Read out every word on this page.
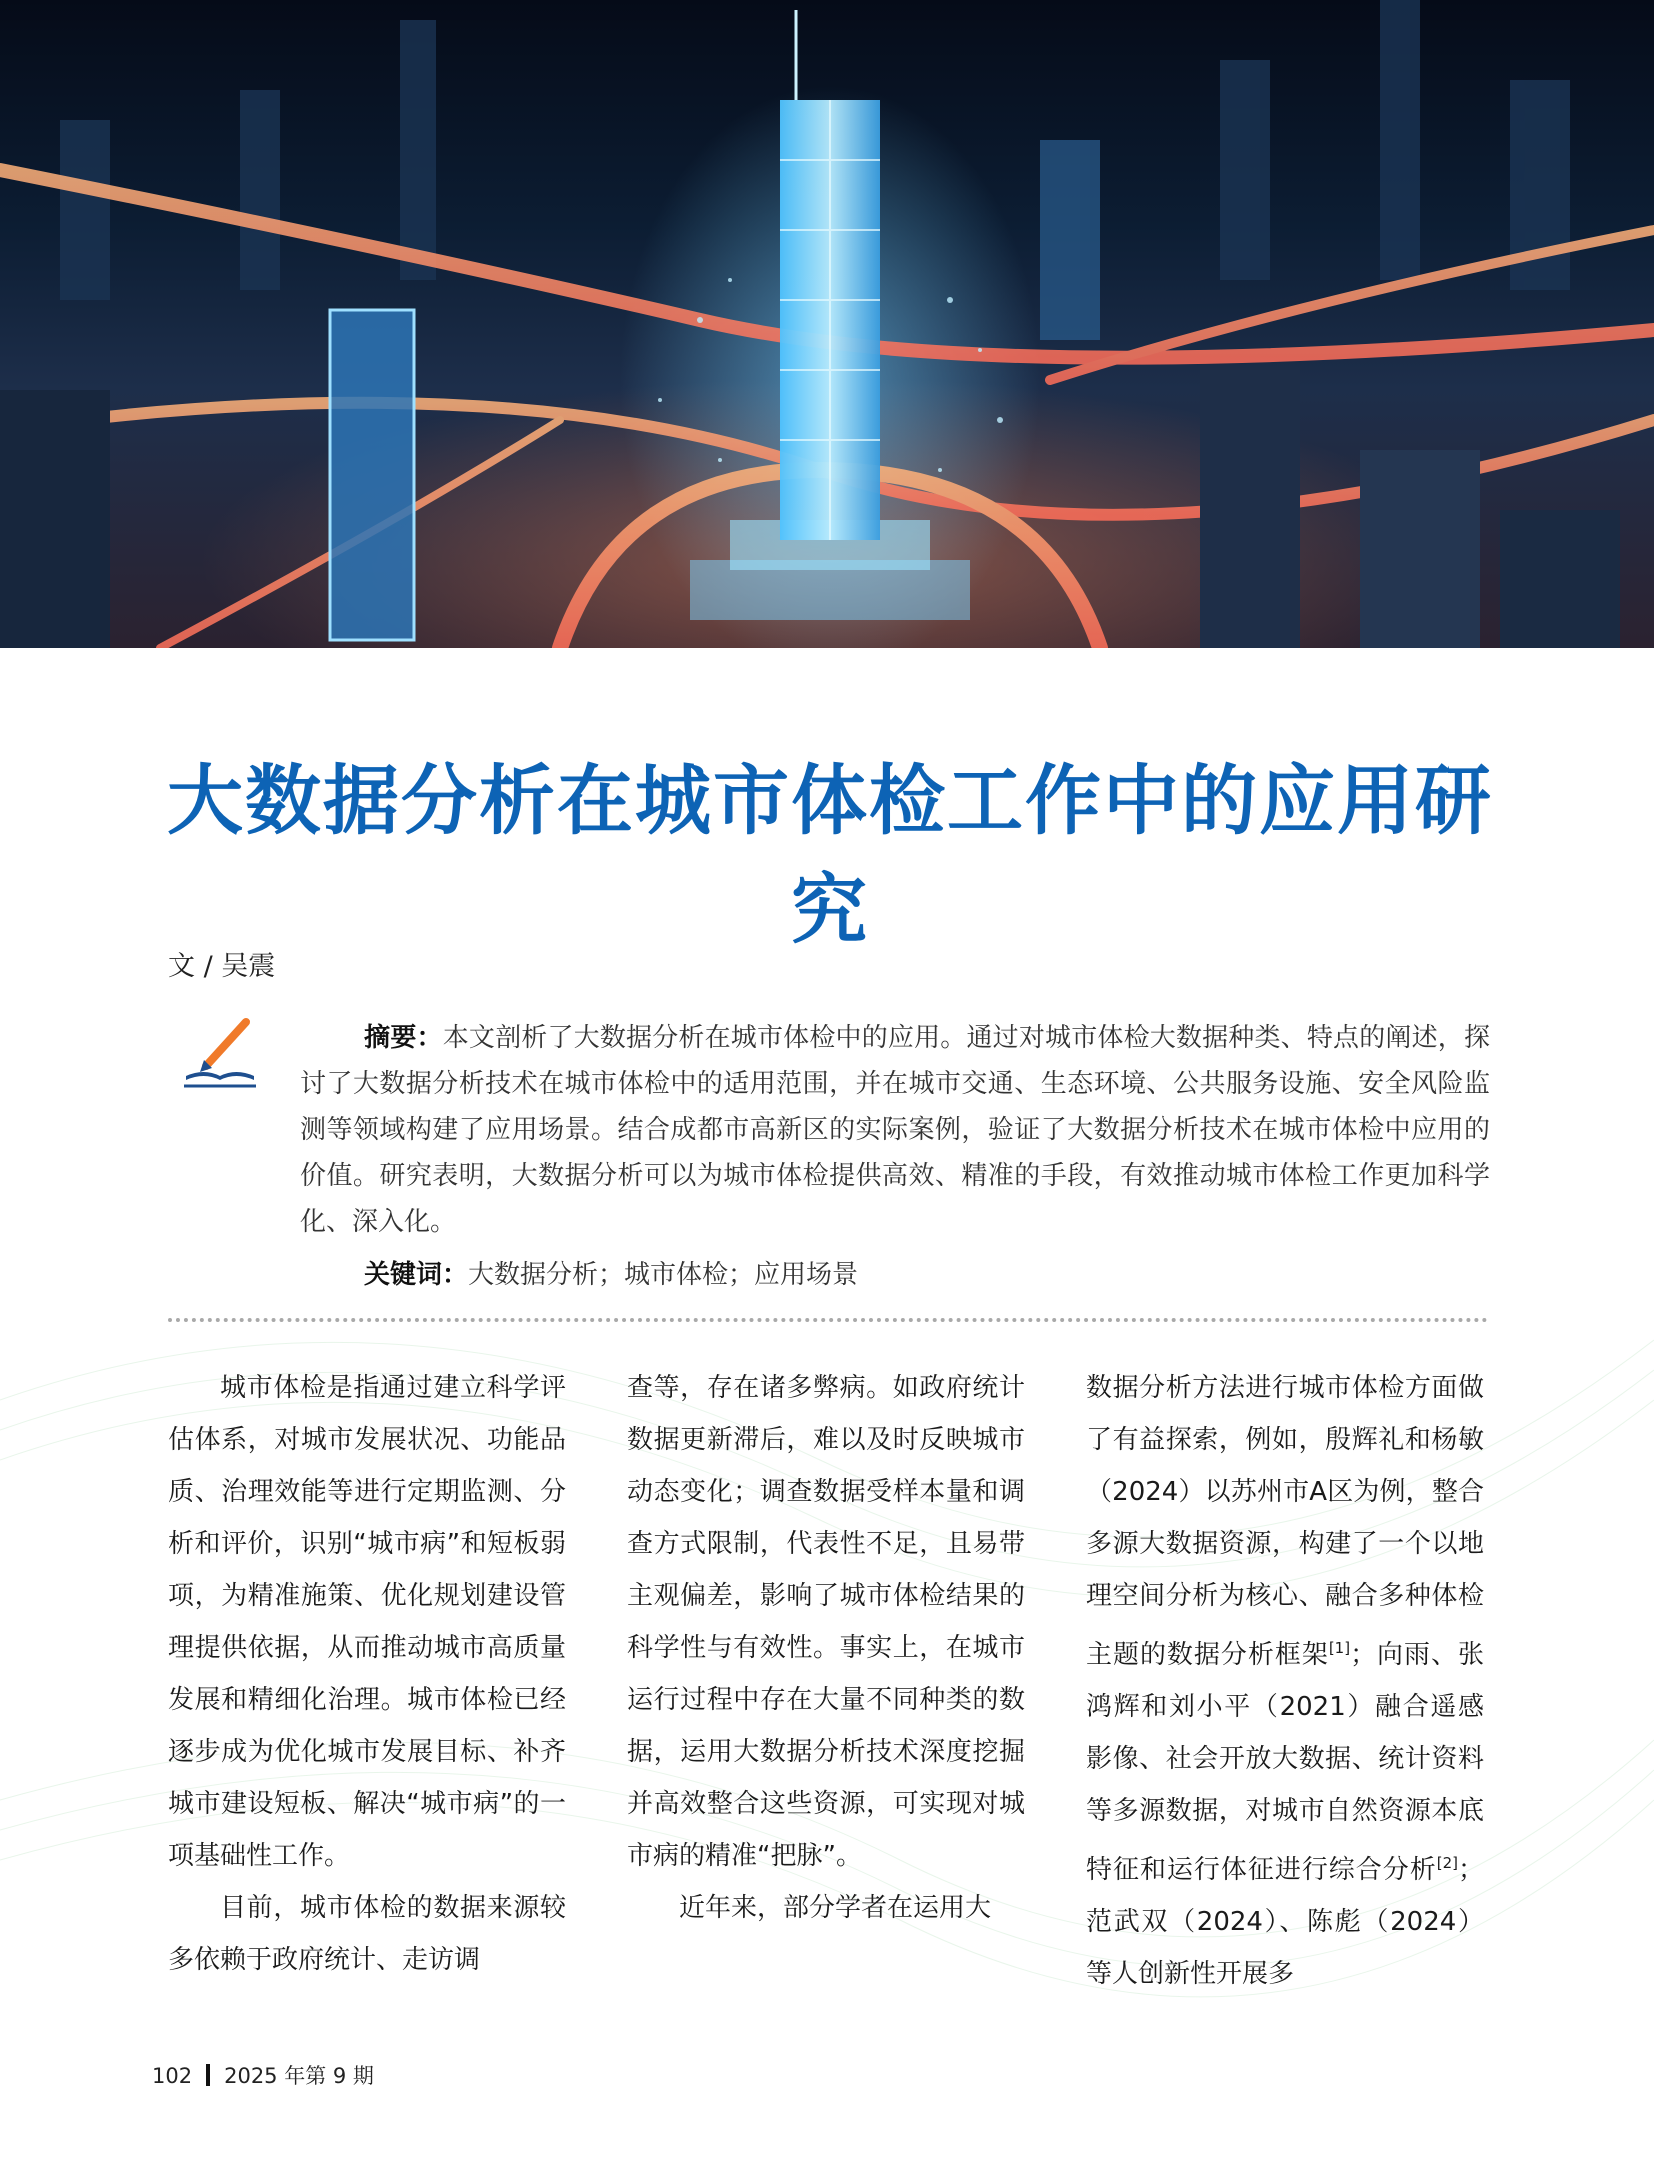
大数据分析在城市体检工作中的应用研究
文 / 吴震
摘要：本文剖析了大数据分析在城市体检中的应用。通过对城市体检大数据种类、特点的阐述，探讨了大数据分析技术在城市体检中的适用范围，并在城市交通、生态环境、公共服务设施、安全风险监测等领域构建了应用场景。结合成都市高新区的实际案例，验证了大数据分析技术在城市体检中应用的价值。研究表明，大数据分析可以为城市体检提供高效、精准的手段，有效推动城市体检工作更加科学化、深入化。
关键词：大数据分析；城市体检；应用场景

城市体检是指通过建立科学评估体系，对城市发展状况、功能品质、治理效能等进行定期监测、分析和评价，识别“城市病”和短板弱项，为精准施策、优化规划建设管理提供依据，从而推动城市高质量发展和精细化治理。城市体检已经逐步成为优化城市发展目标、补齐城市建设短板、解决“城市病”的一项基础性工作。

目前，城市体检的数据来源较多依赖于政府统计、走访调

查等，存在诸多弊病。如政府统计数据更新滞后，难以及时反映城市动态变化；调查数据受样本量和调查方式限制，代表性不足，且易带主观偏差，影响了城市体检结果的科学性与有效性。事实上，在城市运行过程中存在大量不同种类的数据，运用大数据分析技术深度挖掘并高效整合这些资源，可实现对城市病的精准“把脉”。

近年来，部分学者在运用大

数据分析方法进行城市体检方面做了有益探索，例如，殷辉礼和杨敏（2024）以苏州市A区为例，整合多源大数据资源，构建了一个以地理空间分析为核心、融合多种体检主题的数据分析框架[1]；向雨、张鸿辉和刘小平（2021）融合遥感影像、社会开放大数据、统计资料等多源数据，对城市自然资源本底特征和运行体征进行综合分析[2]；范武双（2024）、陈彪（2024）等人创新性开展多

102 2025 年第 9 期
